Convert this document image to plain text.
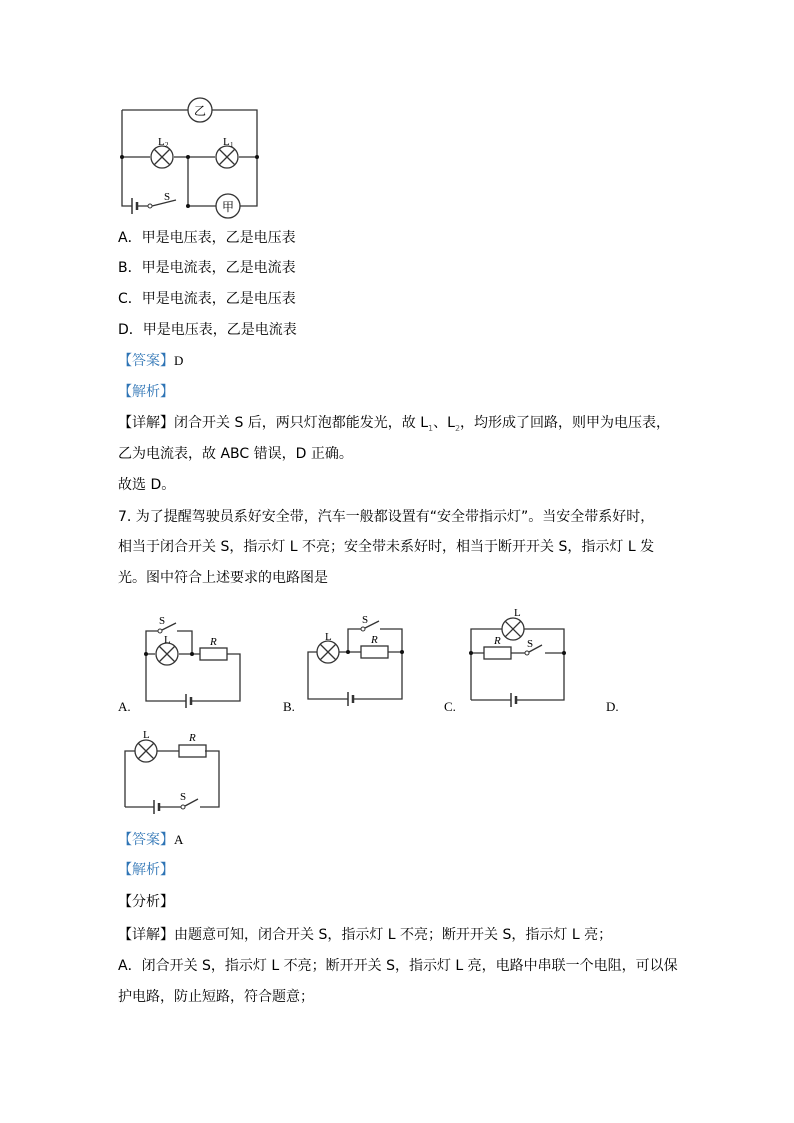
乙
甲
L 2	L 1
S
S
L	R
S
L	R
L
S
R
L
S
R
A．甲是电压表，乙是电压表
B．甲是电流表，乙是电流表
C．甲是电流表，乙是电压表
D．甲是电压表，乙是电流表
【答案】D
【解析】
【详解】闭合开关 S 后，两只灯泡都能发光，故 $L_1$、$L_2$，均形成了回路，则甲为电压表，
乙为电流表，故 ABC 错误，D 正确。
故选 D。
7. 为了提醒驾驶员系好安全带，汽车一般都设置有“安全带指示灯”。当安全带系好时，
相当于闭合开关 S，指示灯 L 不亮；安全带未系好时，相当于断开开关 S，指示灯 L 发
光。图中符合上述要求的电路图是
A.	B.	C.	D.
【答案】A
【解析】
【分析】
【详解】由题意可知，闭合开关 S，指示灯 L 不亮；断开开关 S，指示灯 L 亮；
A．闭合开关 S，指示灯 L 不亮；断开开关 S，指示灯 L 亮，电路中串联一个电阻，可以保
护电路，防止短路，符合题意；
